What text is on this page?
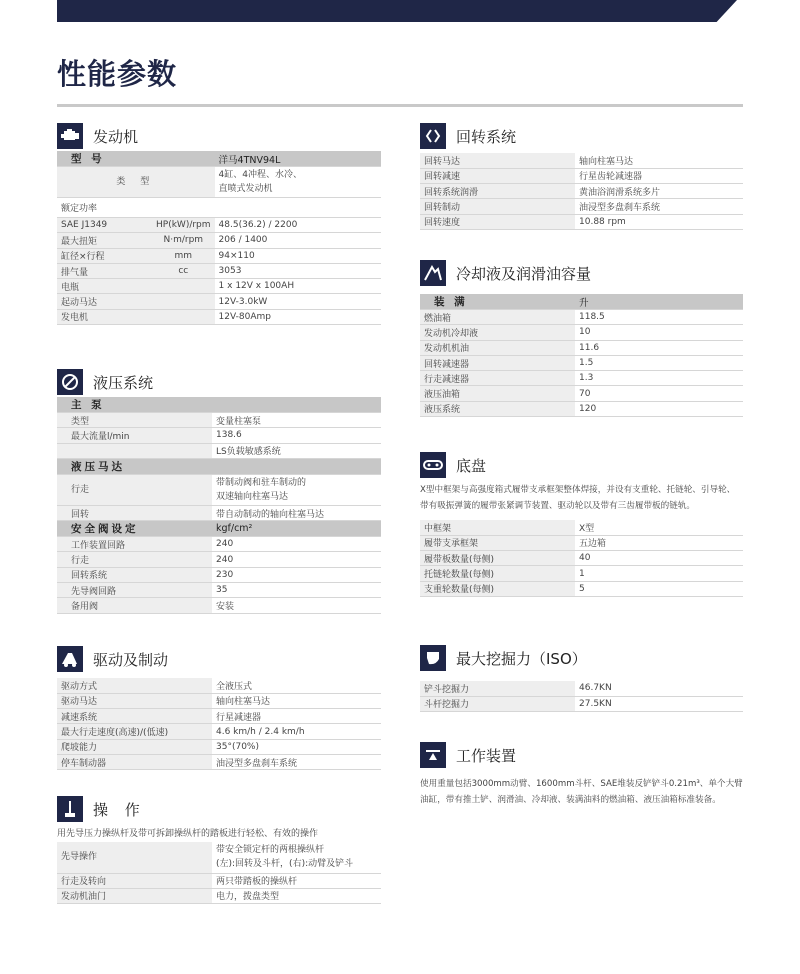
性能参数
发动机
型 号		洋马4TNV94L
类 型		4缸、4冲程、水冷、
直喷式发动机
额定功率		
SAE J1349	HP(kW)/rpm	48.5(36.2) / 2200
最大扭矩	N·m/rpm	206 / 1400
缸径×行程	mm	94×110
排气量	cc	3053
电瓶		1 x 12V x 100AH
起动马达		12V-3.0kW
发电机		12V-80Amp
液压系统
主 泵	
类型	变量柱塞泵
最大流量l/min	138.6
	LS负载敏感系统
液压马达	
行走	带制动阀和驻车制动的
双速轴向柱塞马达
回转	带自动制动的轴向柱塞马达
安全阀设定	kgf/cm²
工作装置回路	240
行走	240
回转系统	230
先导阀回路	35
备用阀	安装
驱动及制动
驱动方式	全液压式
驱动马达	轴向柱塞马达
减速系统	行星减速器
最大行走速度(高速)/(低速)	4.6 km/h / 2.4 km/h
爬坡能力	35°(70%)
停车制动器	油浸型多盘刹车系统
操 作
用先导压力操纵杆及带可拆卸操纵杆的踏板进行轻松、有效的操作
先导操作	带安全锁定杆的两根操纵杆
(左):回转及斗杆，(右):动臂及铲斗
行走及转向	两只带踏板的操纵杆
发动机油门	电力，拨盘类型
回转系统
回转马达	轴向柱塞马达
回转减速	行星齿轮减速器
回转系统润滑	黄油浴润滑系统多片
回转制动	油浸型多盘刹车系统
回转速度	10.88 rpm
冷却液及润滑油容量
装 满	升
燃油箱	118.5
发动机冷却液	10
发动机机油	11.6
回转减速器	1.5
行走减速器	1.3
液压油箱	70
液压系统	120
底盘
X型中框架与高强度箱式履带支承框架整体焊接，并设有支重轮、托链轮、引导轮、带有吸振弹簧的履带张紧调节装置、驱动轮以及带有三齿履带板的链轨。
中框架	X型
履带支承框架	五边箱
履带板数量(每侧)	40
托链轮数量(每侧)	1
支重轮数量(每侧)	5
最大挖掘力（ISO）
铲斗挖掘力	46.7KN
斗杆挖掘力	27.5KN
工作装置
使用重量包括3000mm动臂、1600mm斗杆、SAE堆装反铲铲斗0.21m³、单个大臂油缸，带有推土铲、润滑油、冷却液、装满油料的燃油箱、液压油箱标准装备。
